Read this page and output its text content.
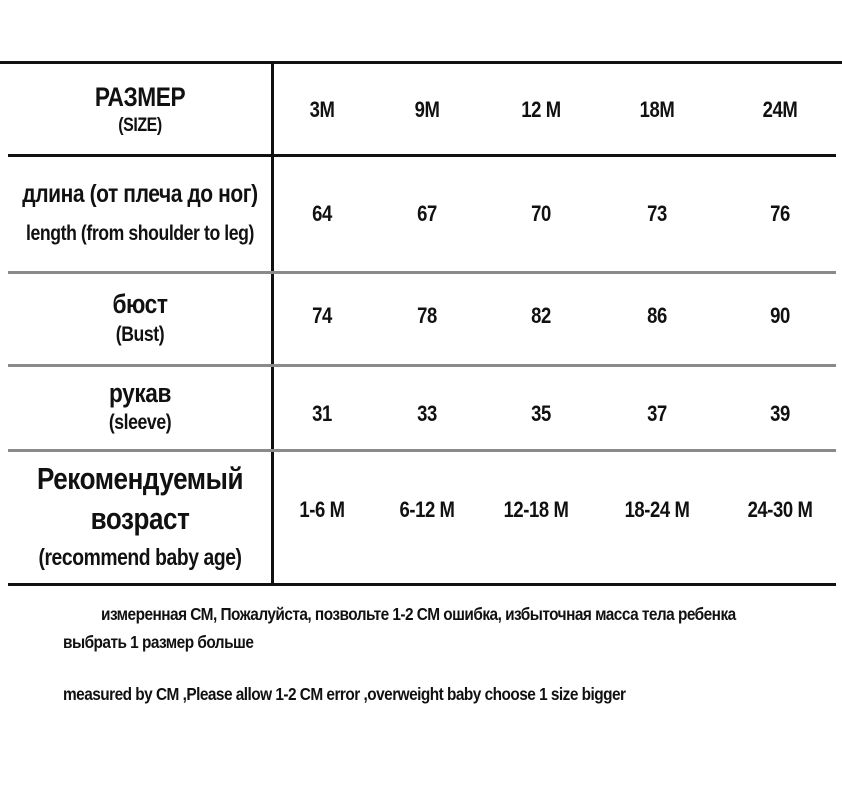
РАЗМЕР
(SIZE)
3M	9M	12 M	18M	24M
длина (от плеча до ног)
length (from shoulder to leg)
64	67	70	73	76
бюст
(Bust)
74	78	82	86	90
рукав
(sleeve)	31	33	35	37	39
Рекомендуемый
возраст
(recommend baby age)
1-6 M	6-12 M	12-18 M	18-24 M	24-30 M
измеренная СМ, Пожалуйста, позвольте 1-2 СМ ошибка, избыточная масса тела ребенка
выбрать 1 размер больше
measured by CM ,Please allow 1-2 CM error ,overweight baby choose 1 size bigger
